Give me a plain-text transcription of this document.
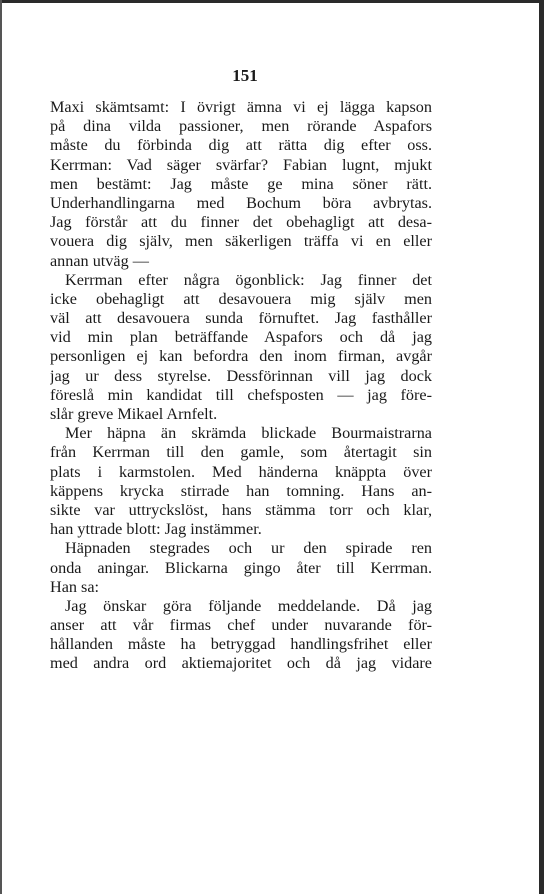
151
Maxi skämtsamt: I övrigt ämna vi ej lägga kapson
på dina vilda passioner, men rörande Aspafors
måste du förbinda dig att rätta dig efter oss.
Kerrman: Vad säger svärfar? Fabian lugnt, mjukt
men bestämt: Jag måste ge mina söner rätt.
Underhandlingarna med Bochum böra avbrytas.
Jag förstår att du finner det obehagligt att desa-
vouera dig själv, men säkerligen träffa vi en eller
annan utväg —
Kerrman efter några ögonblick: Jag finner det
icke obehagligt att desavouera mig själv men
väl att desavouera sunda förnuftet. Jag fasthåller
vid min plan beträffande Aspafors och då jag
personligen ej kan befordra den inom firman, avgår
jag ur dess styrelse. Dessförinnan vill jag dock
föreslå min kandidat till chefsposten — jag före-
slår greve Mikael Arnfelt.
Mer häpna än skrämda blickade Bourmaistrarna
från Kerrman till den gamle, som återtagit sin
plats i karmstolen. Med händerna knäppta över
käppens krycka stirrade han tomning. Hans an-
sikte var uttryckslöst, hans stämma torr och klar,
han yttrade blott: Jag instämmer.
Häpnaden stegrades och ur den spirade ren
onda aningar. Blickarna gingo åter till Kerrman.
Han sa:
Jag önskar göra följande meddelande. Då jag
anser att vår firmas chef under nuvarande för-
hållanden måste ha betryggad handlingsfrihet eller
med andra ord aktiemajoritet och då jag vidare
